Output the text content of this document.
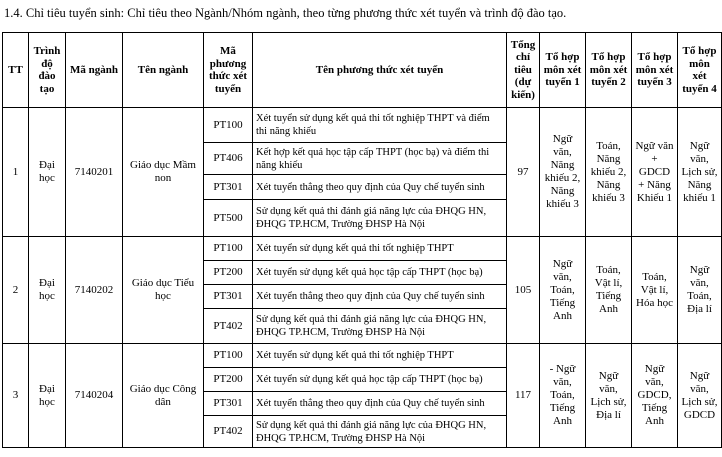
1.4. Chỉ tiêu tuyển sinh: Chỉ tiêu theo Ngành/Nhóm ngành, theo từng phương thức xét tuyển và trình độ đào tạo.
TT	Trình độ đào tạo	Mã ngành	Tên ngành	Mã phương thức xét tuyển	Tên phương thức xét tuyển	Tổng chỉ tiêu (dự kiến)	Tổ hợp môn xét tuyển 1	Tổ hợp môn xét tuyển 2	Tổ hợp môn xét tuyển 3	Tổ hợp môn xét tuyển 4
1	Đại học	7140201	Giáo dục Mầm non	PT100	Xét tuyển sử dụng kết quả thi tốt nghiệp THPT và điểm thi năng khiếu	97	Ngữ văn, Năng khiếu 2, Năng khiếu 3	Toán, Năng khiếu 2, Năng khiếu 3	Ngữ văn + GDCD + Năng Khiếu 1	Ngữ văn, Lịch sử, Năng khiếu 1
				PT406	Kết hợp kết quả học tập cấp THPT (học bạ) và điểm thi năng khiếu					
				PT301	Xét tuyển thẳng theo quy định của Quy chế tuyển sinh					
				PT500	Sử dụng kết quả thi đánh giá năng lực của ĐHQG HN, ĐHQG TP.HCM, Trường ĐHSP Hà Nội					
2	Đại học	7140202	Giáo dục Tiểu học	PT100	Xét tuyển sử dụng kết quả thi tốt nghiệp THPT	105	Ngữ văn, Toán, Tiếng Anh	Toán, Vật lí, Tiếng Anh	Toán, Vật lí, Hóa học	Ngữ văn, Toán, Địa lí
				PT200	Xét tuyển sử dụng kết quả học tập cấp THPT (học bạ)					
				PT301	Xét tuyển thẳng theo quy định của Quy chế tuyển sinh					
				PT402	Sử dụng kết quả thi đánh giá năng lực của ĐHQG HN, ĐHQG TP.HCM, Trường ĐHSP Hà Nội					
3	Đại học	7140204	Giáo dục Công dân	PT100	Xét tuyển sử dụng kết quả thi tốt nghiệp THPT	117	- Ngữ văn, Toán, Tiếng Anh	Ngữ văn, Lịch sử, Địa lí	Ngữ văn, GDCD, Tiếng Anh	Ngữ văn, Lịch sử, GDCD
				PT200	Xét tuyển sử dụng kết quả học tập cấp THPT (học bạ)					
				PT301	Xét tuyển thẳng theo quy định của Quy chế tuyển sinh					
				PT402	Sử dụng kết quả thi đánh giá năng lực của ĐHQG HN, ĐHQG TP.HCM, Trường ĐHSP Hà Nội					
